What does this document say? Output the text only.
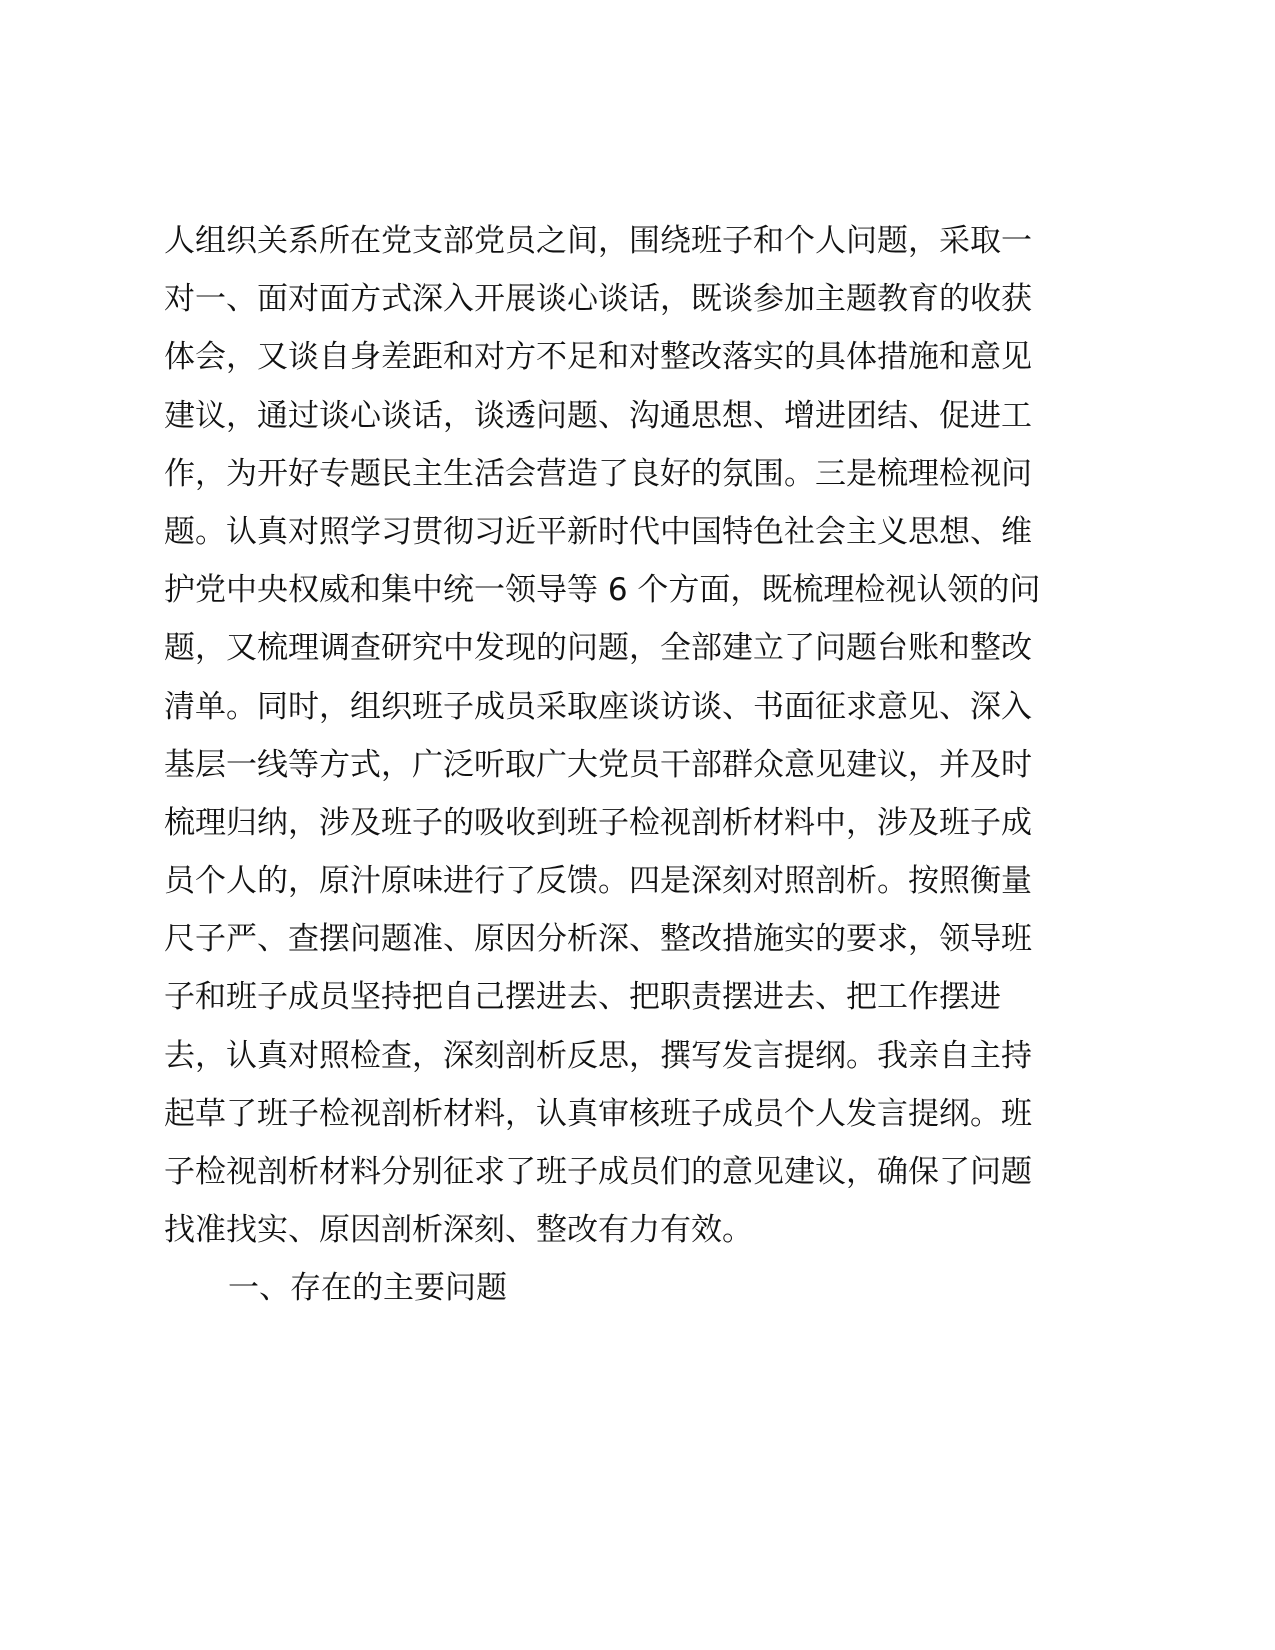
人组织关系所在党支部党员之间，围绕班子和个人问题，采取一
对一、面对面方式深入开展谈心谈话，既谈参加主题教育的收获
体会，又谈自身差距和对方不足和对整改落实的具体措施和意见
建议，通过谈心谈话，谈透问题、沟通思想、增进团结、促进工
作，为开好专题民主生活会营造了良好的氛围。三是梳理检视问
题。认真对照学习贯彻习近平新时代中国特色社会主义思想、维
护党中央权威和集中统一领导等 6 个方面，既梳理检视认领的问
题，又梳理调查研究中发现的问题，全部建立了问题台账和整改
清单。同时，组织班子成员采取座谈访谈、书面征求意见、深入
基层一线等方式，广泛听取广大党员干部群众意见建议，并及时
梳理归纳，涉及班子的吸收到班子检视剖析材料中，涉及班子成
员个人的，原汁原味进行了反馈。四是深刻对照剖析。按照衡量
尺子严、查摆问题准、原因分析深、整改措施实的要求，领导班
子和班子成员坚持把自己摆进去、把职责摆进去、把工作摆进
去，认真对照检查，深刻剖析反思，撰写发言提纲。我亲自主持
起草了班子检视剖析材料，认真审核班子成员个人发言提纲。班
子检视剖析材料分别征求了班子成员们的意见建议，确保了问题
找准找实、原因剖析深刻、整改有力有效。
一、存在的主要问题
